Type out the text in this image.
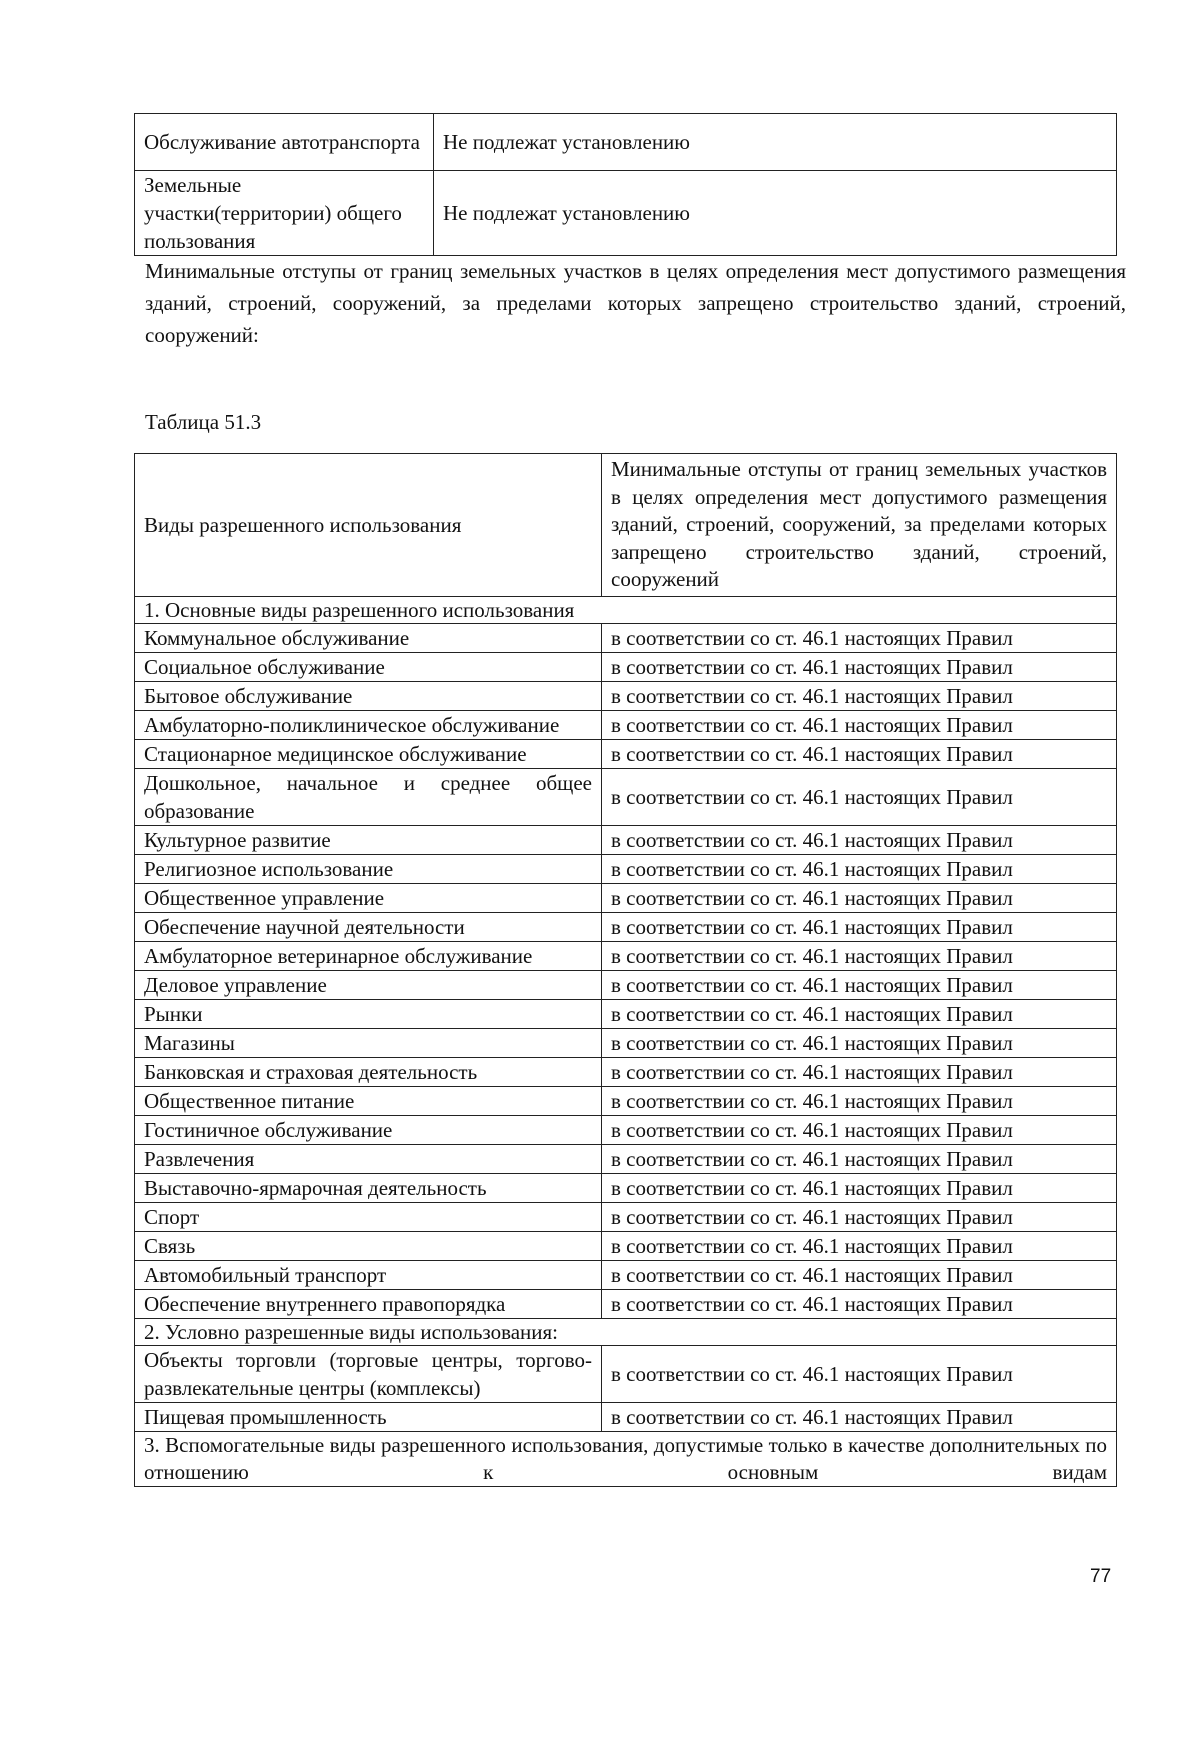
Обслуживание автотранспорта	Не подлежат установлению
Земельные участки(территории) общего пользования	Не подлежат установлению

Минимальные отступы от границ земельных участков в целях определения мест допустимого размещения зданий, строений, сооружений, за пределами которых запрещено строительство зданий, строений, сооружений:

Таблица 51.3
Виды разрешенного использования	Минимальные отступы от границ земельных участков в целях определения мест допустимого размещения зданий, строений, сооружений, за пределами которых запрещено строительство зданий, строений, сооружений
1. Основные виды разрешенного использования	
Коммунальное обслуживание	в соответствии со ст. 46.1 настоящих Правил
Социальное обслуживание	в соответствии со ст. 46.1 настоящих Правил
Бытовое обслуживание	в соответствии со ст. 46.1 настоящих Правил
Амбулаторно-поликлиническое обслуживание	в соответствии со ст. 46.1 настоящих Правил
Стационарное медицинское обслуживание	в соответствии со ст. 46.1 настоящих Правил
Дошкольное, начальное и среднее общее образование	в соответствии со ст. 46.1 настоящих Правил
Культурное развитие	в соответствии со ст. 46.1 настоящих Правил
Религиозное использование	в соответствии со ст. 46.1 настоящих Правил
Общественное управление	в соответствии со ст. 46.1 настоящих Правил
Обеспечение научной деятельности	в соответствии со ст. 46.1 настоящих Правил
Амбулаторное ветеринарное обслуживание	в соответствии со ст. 46.1 настоящих Правил
Деловое управление	в соответствии со ст. 46.1 настоящих Правил
Рынки	в соответствии со ст. 46.1 настоящих Правил
Магазины	в соответствии со ст. 46.1 настоящих Правил
Банковская и страховая деятельность	в соответствии со ст. 46.1 настоящих Правил
Общественное питание	в соответствии со ст. 46.1 настоящих Правил
Гостиничное обслуживание	в соответствии со ст. 46.1 настоящих Правил
Развлечения	в соответствии со ст. 46.1 настоящих Правил
Выставочно-ярмарочная деятельность	в соответствии со ст. 46.1 настоящих Правил
Спорт	в соответствии со ст. 46.1 настоящих Правил
Связь	в соответствии со ст. 46.1 настоящих Правил
Автомобильный транспорт	в соответствии со ст. 46.1 настоящих Правил
Обеспечение внутреннего правопорядка	в соответствии со ст. 46.1 настоящих Правил
2. Условно разрешенные виды использования:	
Объекты торговли (торговые центры, торгово-развлекательные центры (комплексы)	в соответствии со ст. 46.1 настоящих Правил
Пищевая промышленность	в соответствии со ст. 46.1 настоящих Правил
3. Вспомогательные виды разрешенного использования, допустимые только в качестве дополнительных по отношению к основным видам	
77
